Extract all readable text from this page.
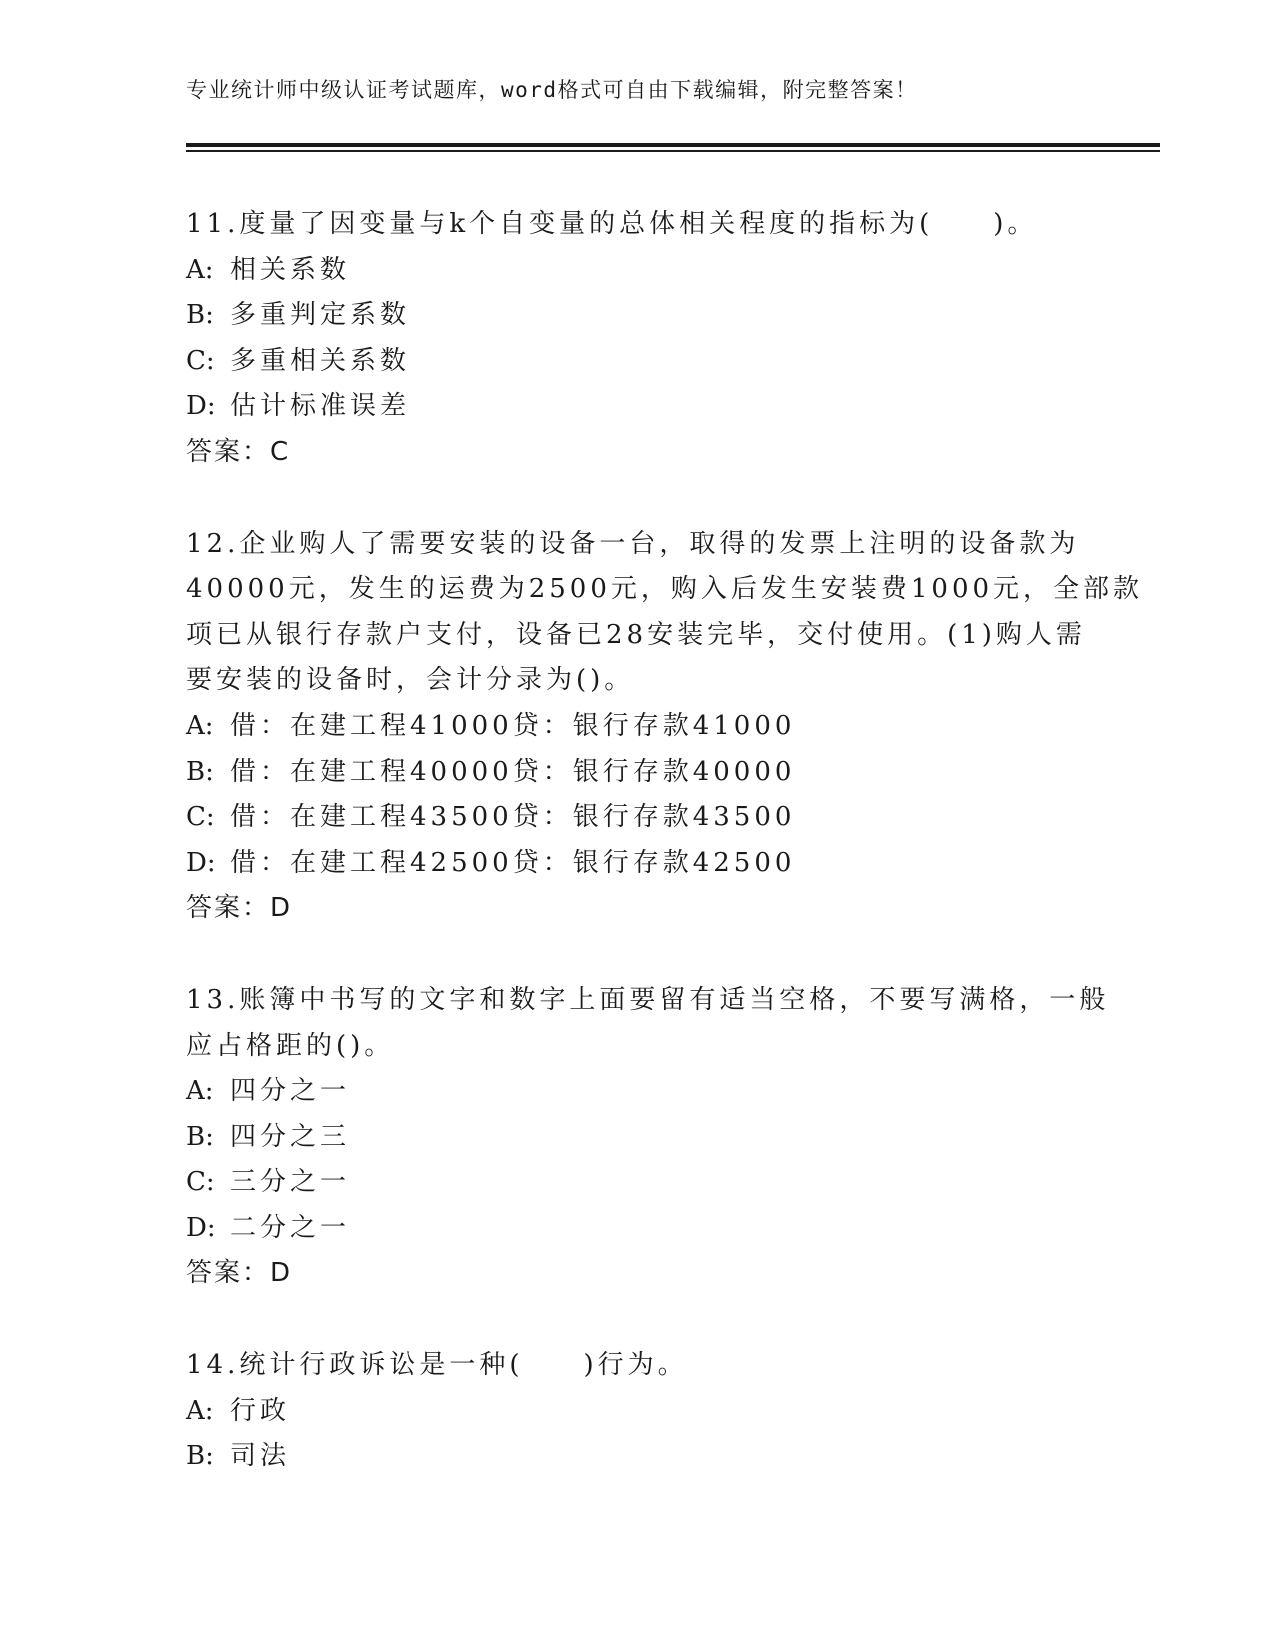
专业统计师中级认证考试题库，word格式可自由下载编辑，附完整答案！
11.度量了因变量与k个自变量的总体相关程度的指标为(　　)。
A: 相关系数
B: 多重判定系数
C: 多重相关系数
D: 估计标准误差
答案：C
12.企业购人了需要安装的设备一台，取得的发票上注明的设备款为
40000元，发生的运费为2500元，购入后发生安装费1000元，全部款
项已从银行存款户支付，设备已28安装完毕，交付使用。(1)购人需
要安装的设备时，会计分录为()。
A: 借：在建工程41000贷：银行存款41000
B: 借：在建工程40000贷：银行存款40000
C: 借：在建工程43500贷：银行存款43500
D: 借：在建工程42500贷：银行存款42500
答案：D
13.账簿中书写的文字和数字上面要留有适当空格，不要写满格，一般
应占格距的()。
A: 四分之一
B: 四分之三
C: 三分之一
D: 二分之一
答案：D
14.统计行政诉讼是一种(　　)行为。
A: 行政
B: 司法
